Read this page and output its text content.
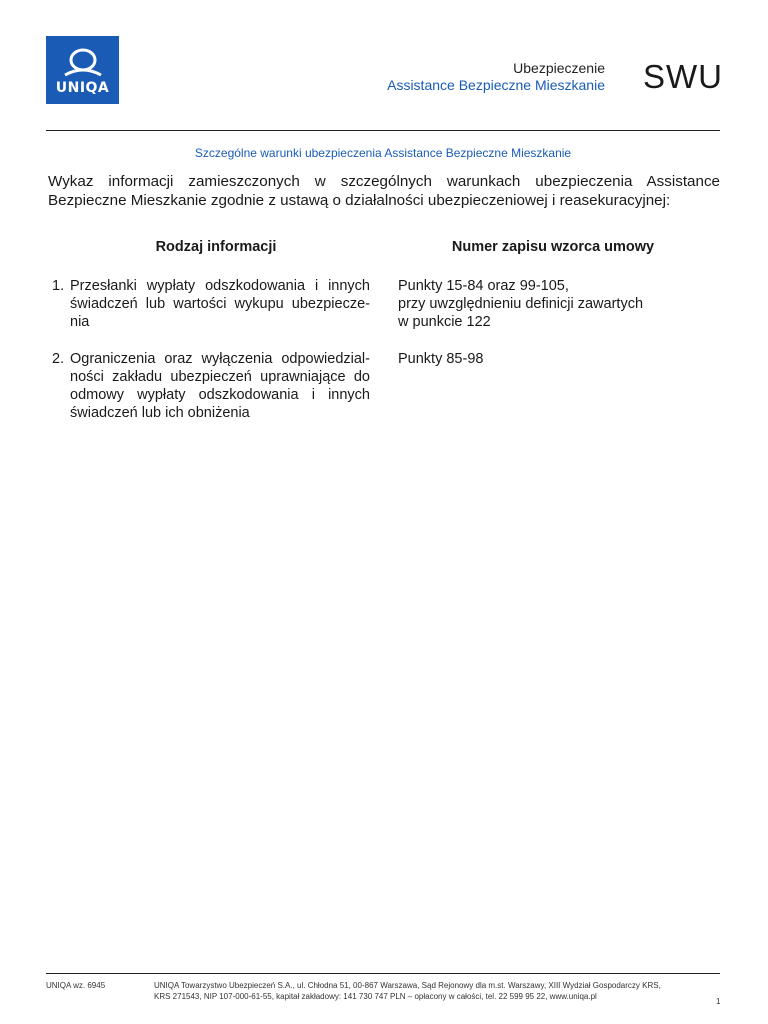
UNIQA
Ubezpieczenie
Assistance Bezpieczne Mieszkanie SWU
Szczególne warunki ubezpieczenia Assistance Bezpieczne Mieszkanie
Wykaz informacji zamieszczonych w szczególnych warunkach ubezpieczenia Assistance Bezpieczne Mieszkanie zgodnie z ustawą o działalności ubezpieczeniowej i reasekuracyjnej:
Rodzaj informacji	Numer zapisu wzorca umowy
1. Przesłanki wypłaty odszkodowania i innych świadczeń lub wartości wykupu ubezpiecze-nia
Punkty 15-84 oraz 99-105,
przy uwzględnieniu definicji zawartych
w punkcie 122
2. Ograniczenia oraz wyłączenia odpowiedzial-ności zakładu ubezpieczeń uprawniające do odmowy wypłaty odszkodowania i innych świadczeń lub ich obniżenia
Punkty 85-98
UNIQA wz. 6945	UNIQA Towarzystwo Ubezpieczeń S.A., ul. Chłodna 51, 00-867 Warszawa, Sąd Rejonowy dla m.st. Warszawy, XIII Wydział Gospodarczy KRS,
KRS 271543, NIP 107-000-61-55, kapitał zakładowy: 141 730 747 PLN – opłacony w całości, tel. 22 599 95 22, www.uniqa.pl
1
